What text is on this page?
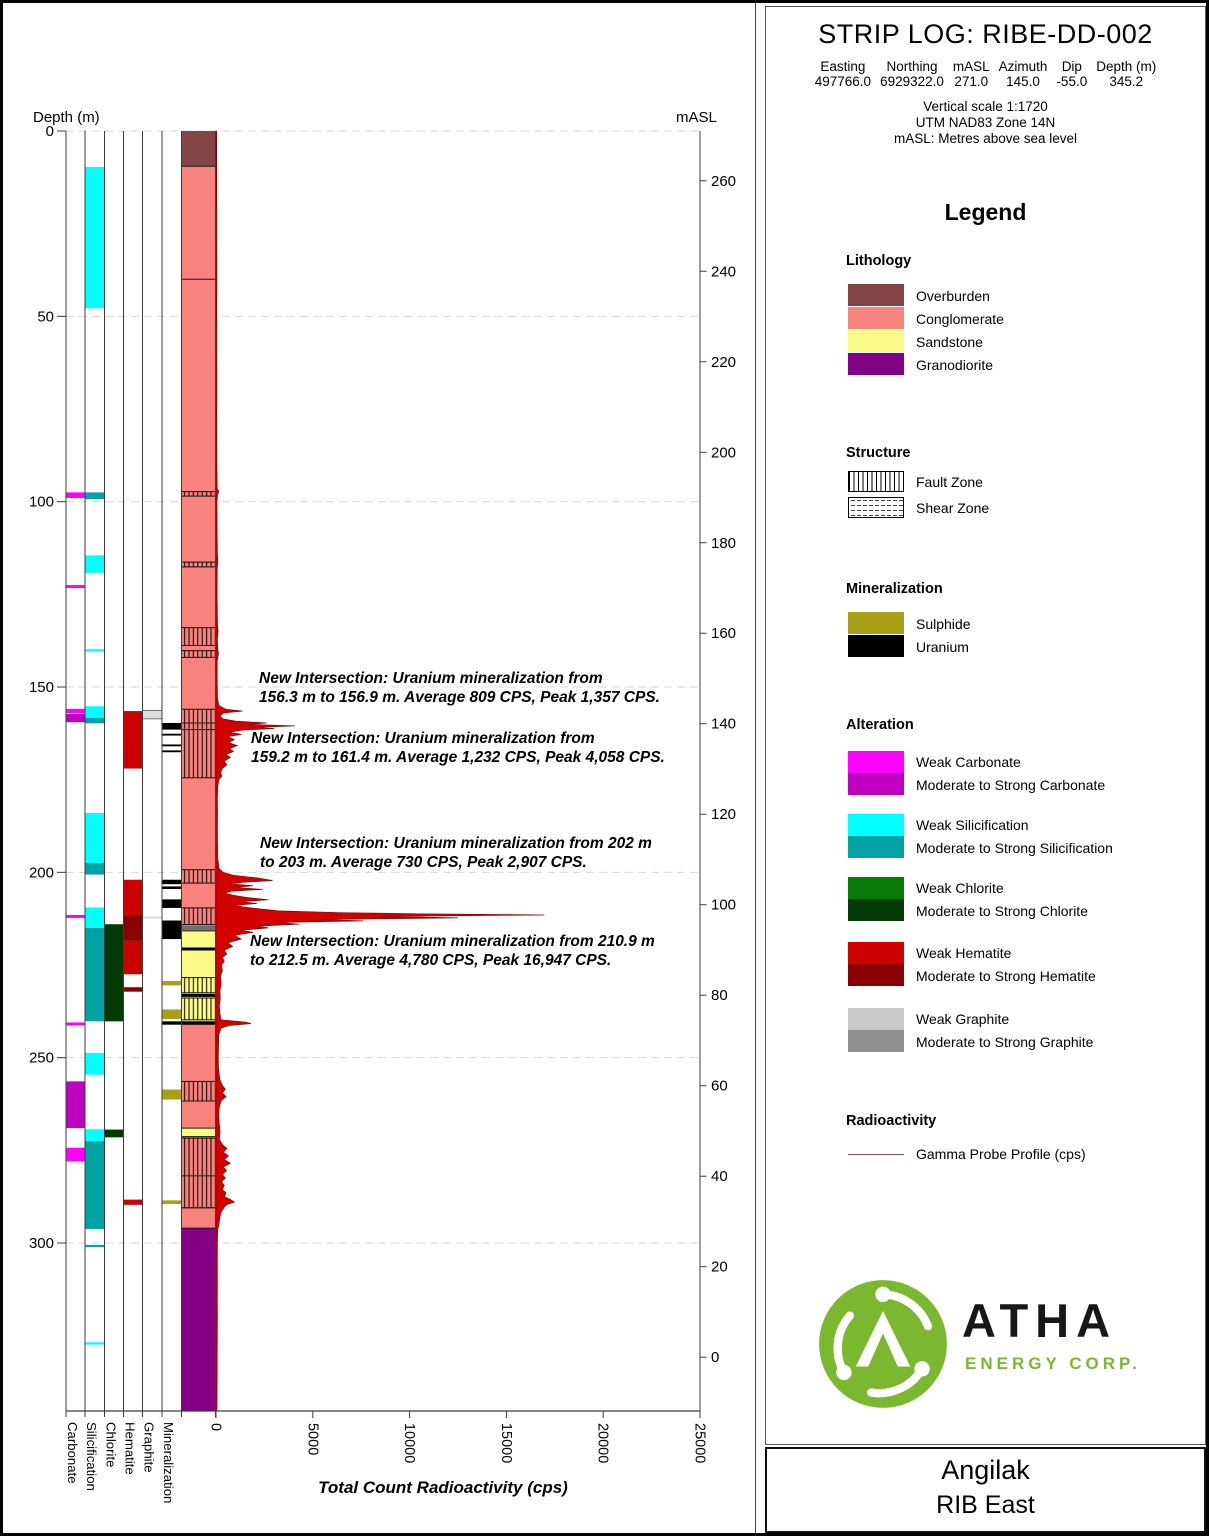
0	5000	10000	15000	20000	25000
Total Count Radioactivity (cps)
Depth (m)
0
50
100
150
200
250
300
mASL
260
240
220
200
180
160
140
120
100
80
60
40
20
0
Carbonate Silicification Chlorite Hematite Graphite Mineralization
New Intersection: Uranium mineralization from
156.3 m to 156.9 m. Average 809 CPS, Peak 1,357 CPS.
New Intersection: Uranium mineralization from
159.2 m to 161.4 m. Average 1,232 CPS, Peak 4,058 CPS.
New Intersection: Uranium mineralization from 202 m
to 203 m. Average 730 CPS, Peak 2,907 CPS.
New Intersection: Uranium mineralization from 210.9 m
to 212.5 m. Average 4,780 CPS, Peak 16,947 CPS.
STRIP LOG: RIBE-DD-002
Easting
497766.0
Northing
6929322.0
mASL
271.0
Azimuth
145.0
Dip
-55.0
Depth (m)
345.2
Vertical scale 1:1720
UTM NAD83 Zone 14N
mASL: Metres above sea level
Legend
Lithology
Overburden
Conglomerate
Sandstone
Granodiorite
Structure
Fault Zone
Shear Zone
Mineralization
Sulphide
Uranium
Alteration
Weak Carbonate
Moderate to Strong Carbonate
Weak Silicification
Moderate to Strong Silicification
Weak Chlorite
Moderate to Strong Chlorite
Weak Hematite
Moderate to Strong Hematite
Weak Graphite
Moderate to Strong Graphite
Radioactivity
Gamma Probe Profile (cps)
ATHA
ENERGY CORP.
Angilak
RIB East
